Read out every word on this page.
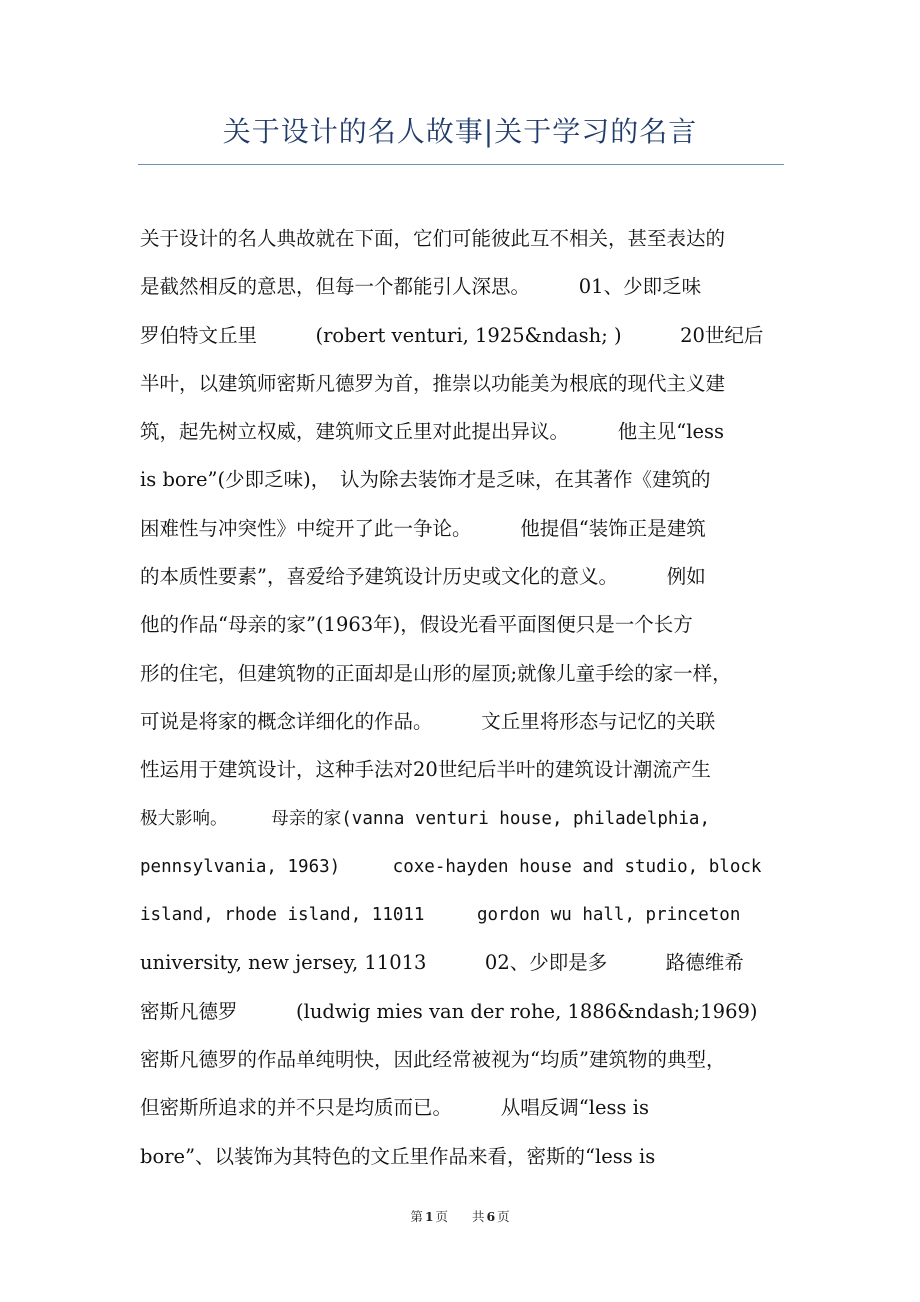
关于设计的名人故事|关于学习的名言
关于设计的名人典故就在下面，它们可能彼此互不相关，甚至表达的
是截然相反的意思，但每一个都能引人深思。　　　01、少即乏味
罗伯特文丘里　　　(robert venturi, 1925&ndash; )　　　20世纪后
半叶，以建筑师密斯凡德罗为首，推崇以功能美为根底的现代主义建
筑，起先树立权威，建筑师文丘里对此提出异议。　　　他主见“less
is bore”(少即乏味)，　认为除去装饰才是乏味，在其著作《建筑的
困难性与冲突性》中绽开了此一争论。　　　他提倡“装饰正是建筑
的本质性要素”，喜爱给予建筑设计历史或文化的意义。　　　例如
他的作品“母亲的家”(1963年)，假设光看平面图便只是一个长方
形的住宅，但建筑物的正面却是山形的屋顶;就像儿童手绘的家一样，
可说是将家的概念详细化的作品。　　　文丘里将形态与记忆的关联
性运用于建筑设计，这种手法对20世纪后半叶的建筑设计潮流产生
极大影响。　　　母亲的家(vanna venturi house, philadelphia,
pennsylvania, 1963)　　　coxe-hayden house and studio, block
island, rhode island, 11011　　　gordon wu hall, princeton
university, new jersey, 11013　　　02、少即是多　　　路德维希
密斯凡德罗　　　(ludwig mies van der rohe, 1886&ndash;1969)
密斯凡德罗的作品单纯明快，因此经常被视为“均质”建筑物的典型，
但密斯所追求的并不只是均质而已。　　　从唱反调“less is
bore”、以装饰为其特色的文丘里作品来看，密斯的“less is
第 1 页 共 6 页
